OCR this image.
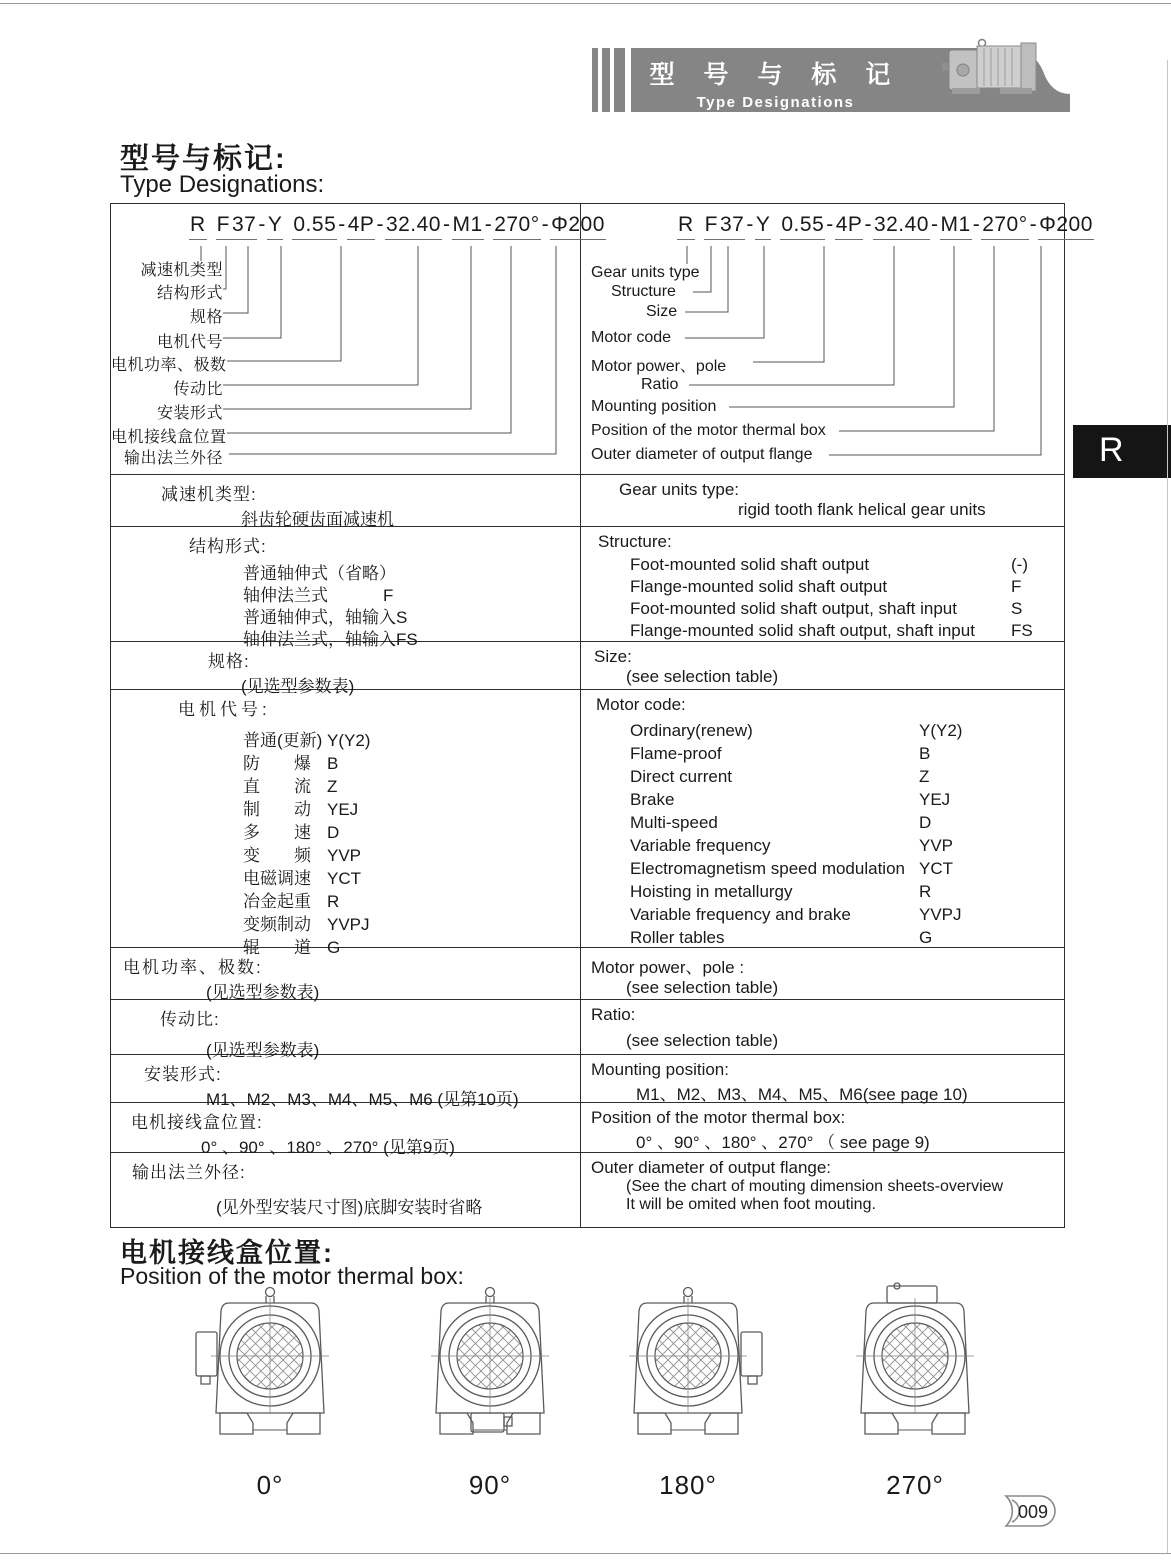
型 号 与 标 记
Type Designations
型号与标记:
Type Designations:
R F37-Y 0.55-4P-32.40-M1-270°-Φ200
减速机类型
结构形式
规格
电机代号
电机功率、极数
传动比
安装形式
电机接线盒位置
输出法兰外径
R F37-Y 0.55-4P-32.40-M1-270°-Φ200
Gear units type
Structure
Size
Motor code
Motor power、pole
Ratio
Mounting position
Position of the motor thermal box
Outer diameter of output flange
减速机类型:
斜齿轮硬齿面减速机
Gear units type:
rigid tooth flank helical gear units
结构形式:
普通轴伸式（省略）
轴伸法兰式	F
普通轴伸式，轴输入 S
轴伸法兰式，轴输入 FS
Structure:
Foot-mounted solid shaft output	(-)
Flange-mounted solid shaft output	F
Foot-mounted solid shaft output, shaft input	S
Flange-mounted solid shaft output, shaft input	FS
规格:
(见选型参数表)
Size:
(see selection table)
电机代号:
普通(更新) Y(Y2)
防　　爆 B
直　　流 Z
制　　动 YEJ
多　　速 D
变　　频 YVP
电磁调速 YCT
冶金起重 R
变频制动 YVPJ
辊　　道 G
Motor code:
Ordinary(renew)	Y(Y2)
Flame-proof	B
Direct current	Z
Brake	YEJ
Multi-speed	D
Variable frequency	YVP
Electromagnetism speed modulation YCT
Hoisting in metallurgy	R
Variable frequency and brake	YVPJ
Roller tables	G
电机功率、极数:
(见选型参数表)
Motor power、pole :
(see selection table)
传动比:
(见选型参数表)
Ratio:
(see selection table)
安装形式:
M1、M2、M3、M4、M5、M6 (见第10页)
Mounting position:
M1、M2、M3、M4、M5、M6(see page 10)
电机接线盒位置:
0° 、90° 、180° 、270° (见第9页)
Position of the motor thermal box:
0° 、90° 、180° 、270° （ see page 9)
输出法兰外径:
(见外型安装尺寸图)底脚安装时省略
Outer diameter of output flange:
(See the chart of mouting dimension sheets-overview
It will be omited when foot mouting.
电机接线盒位置:
Position of the motor thermal box:
0°	90°	180°	270°
R
009
